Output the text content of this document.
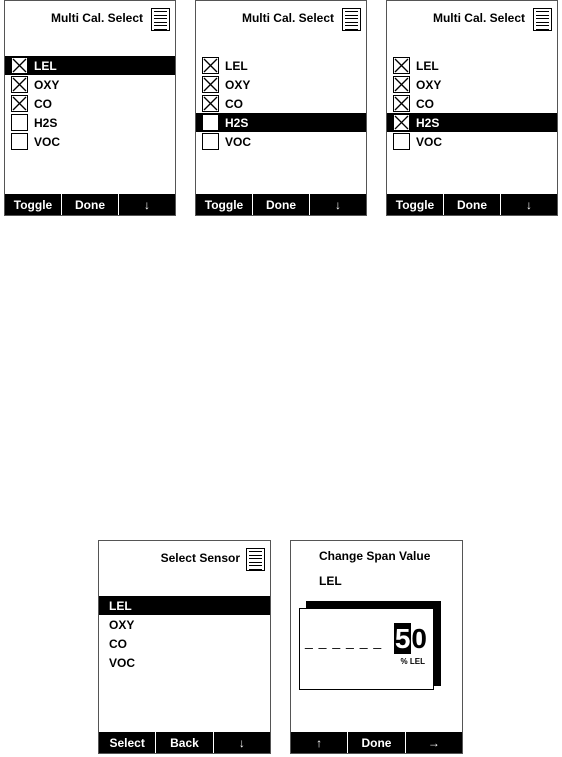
Multi Cal. Select
LEL
OXY
CO
H2S
VOC
Toggle	Done	↓
Multi Cal. Select
LEL
OXY
CO
H2S
VOC
Toggle	Done	↓
Multi Cal. Select
LEL
OXY
CO
H2S
VOC
Toggle	Done	↓
Select Sensor
LEL
OXY
CO
VOC
Select	Back	↓
Change Span Value
LEL
_ _ _ _ _ _ 50
% LEL
↑	Done	→
